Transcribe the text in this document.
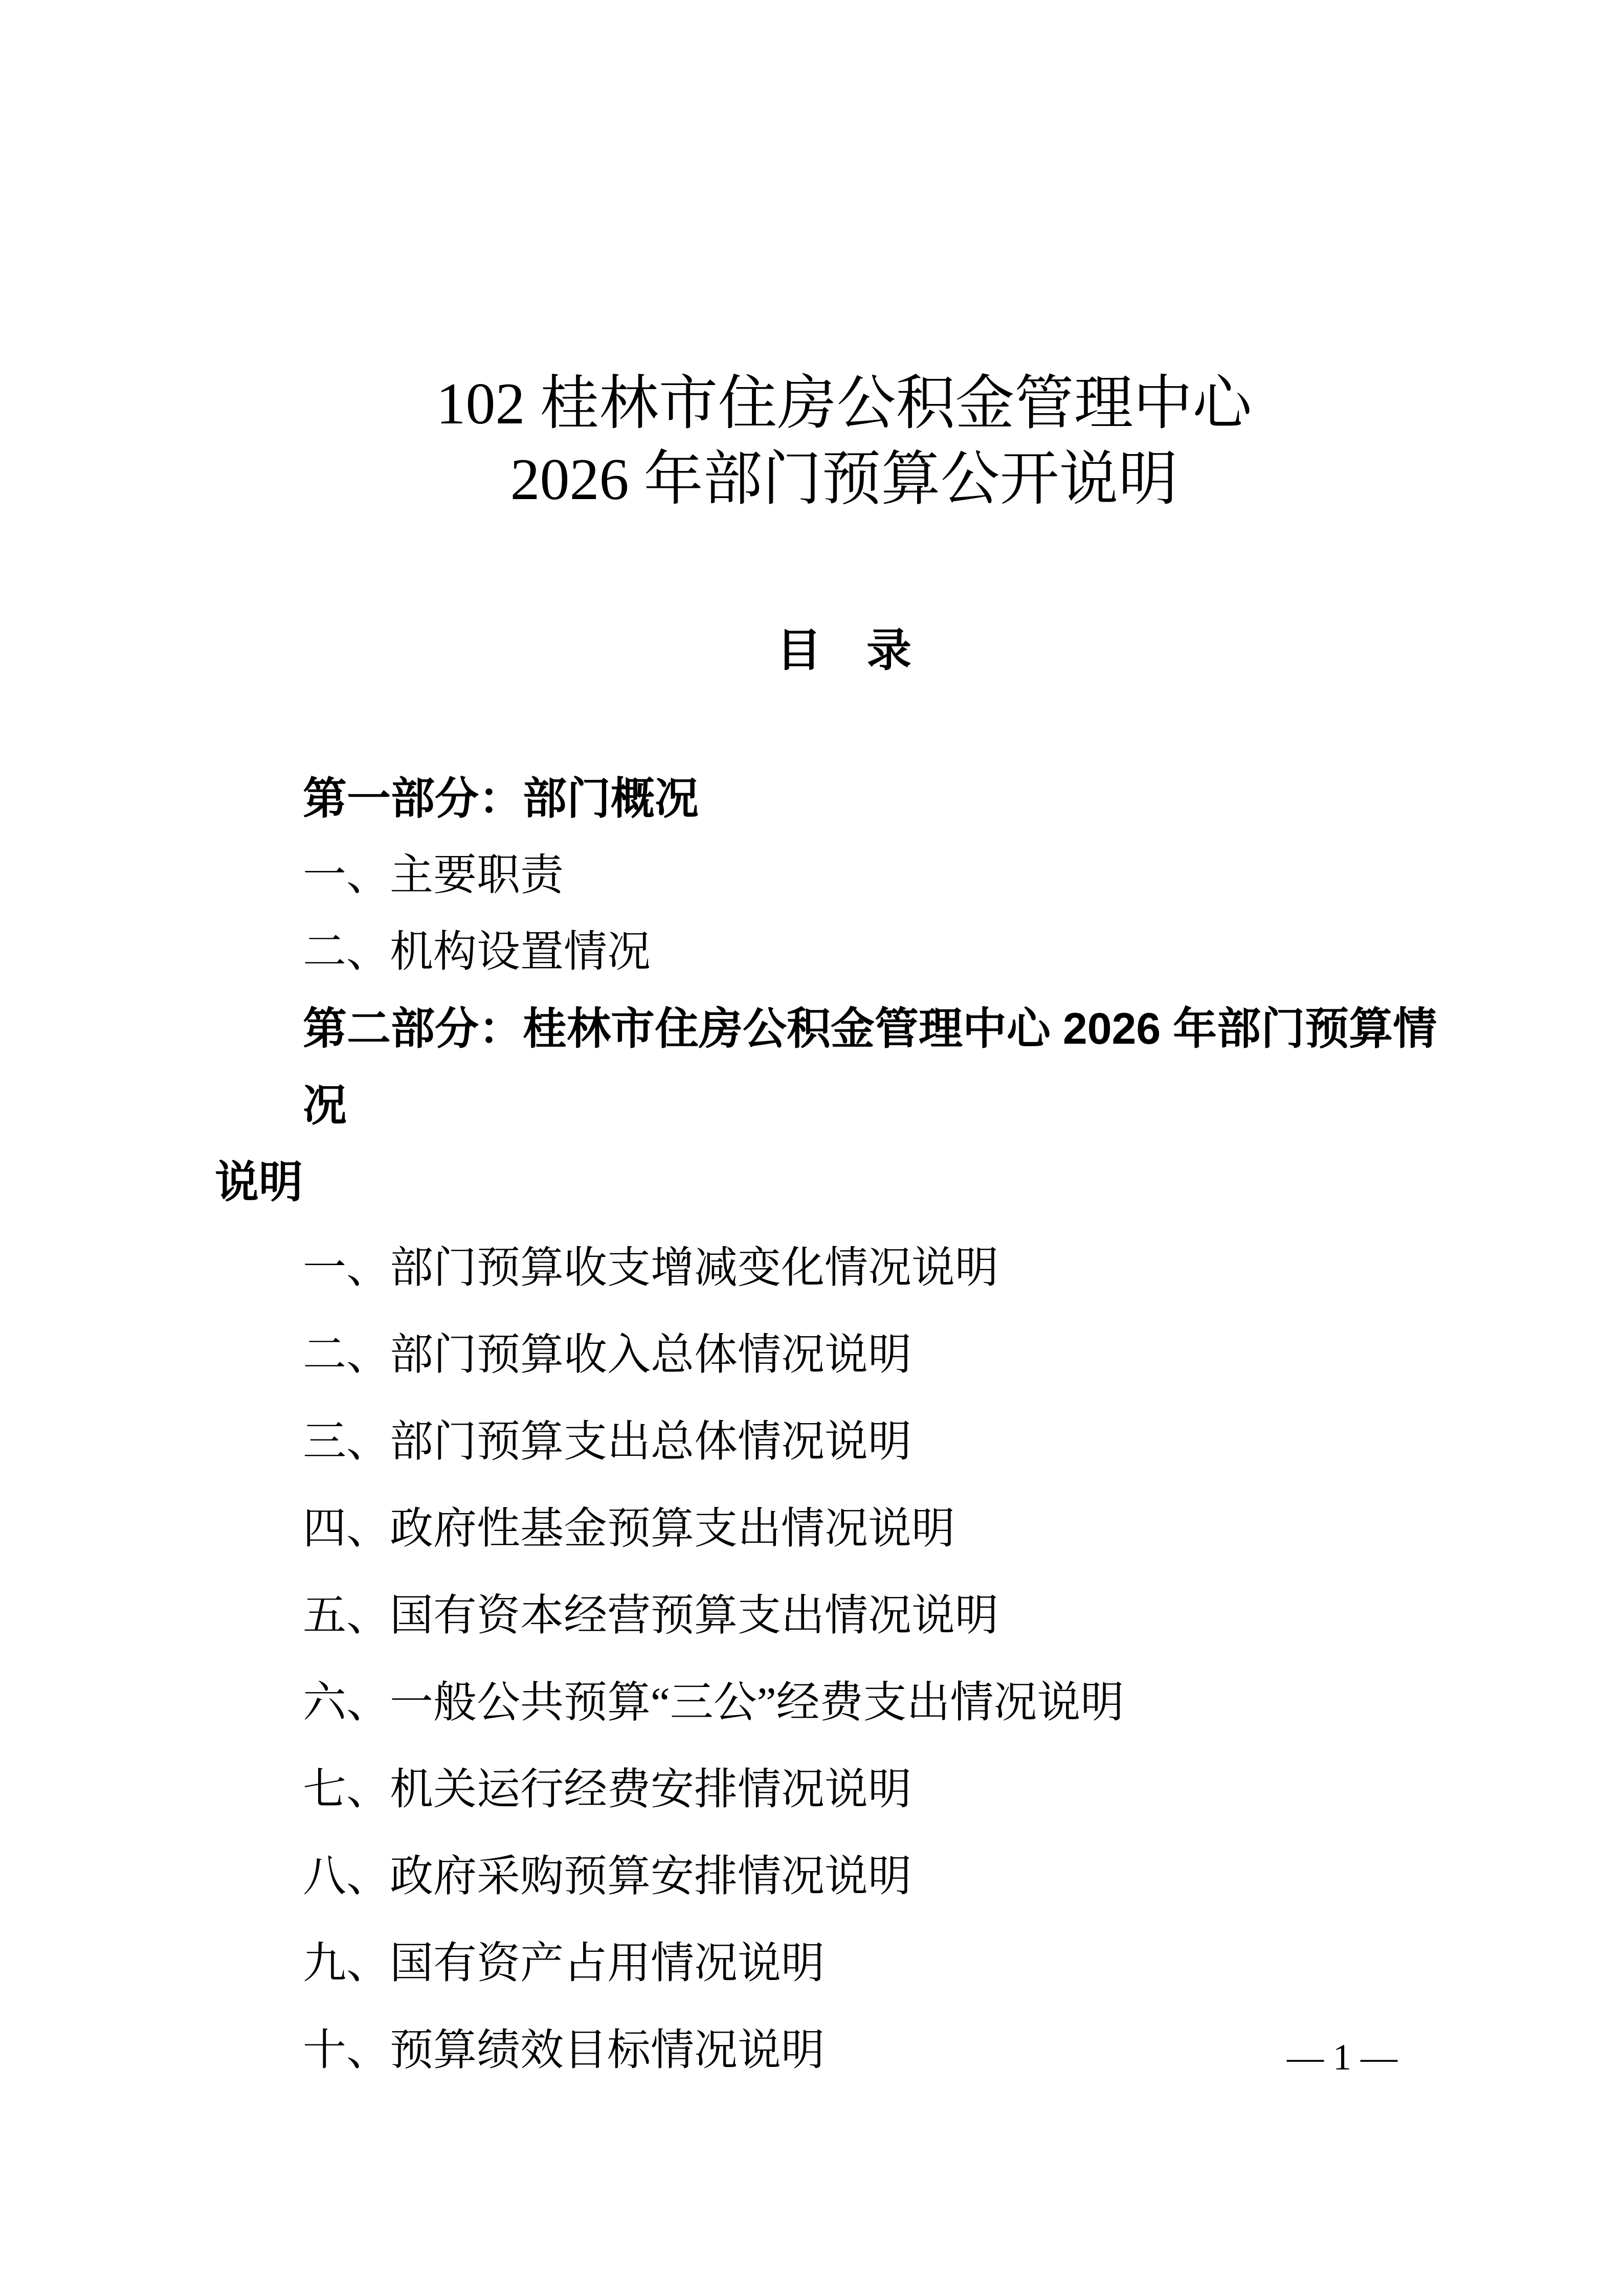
102 桂林市住房公积金管理中心

2026 年部门预算公开说明

目　录

第一部分：部门概况

一、主要职责

二、机构设置情况

第二部分：桂林市住房公积金管理中心 2026 年部门预算情况

说明

一、部门预算收支增减变化情况说明

二、部门预算收入总体情况说明

三、部门预算支出总体情况说明

四、政府性基金预算支出情况说明

五、国有资本经营预算支出情况说明

六、一般公共预算“三公”经费支出情况说明

七、机关运行经费安排情况说明

八、政府采购预算安排情况说明

九、国有资产占用情况说明

十、预算绩效目标情况说明	— 1 —
